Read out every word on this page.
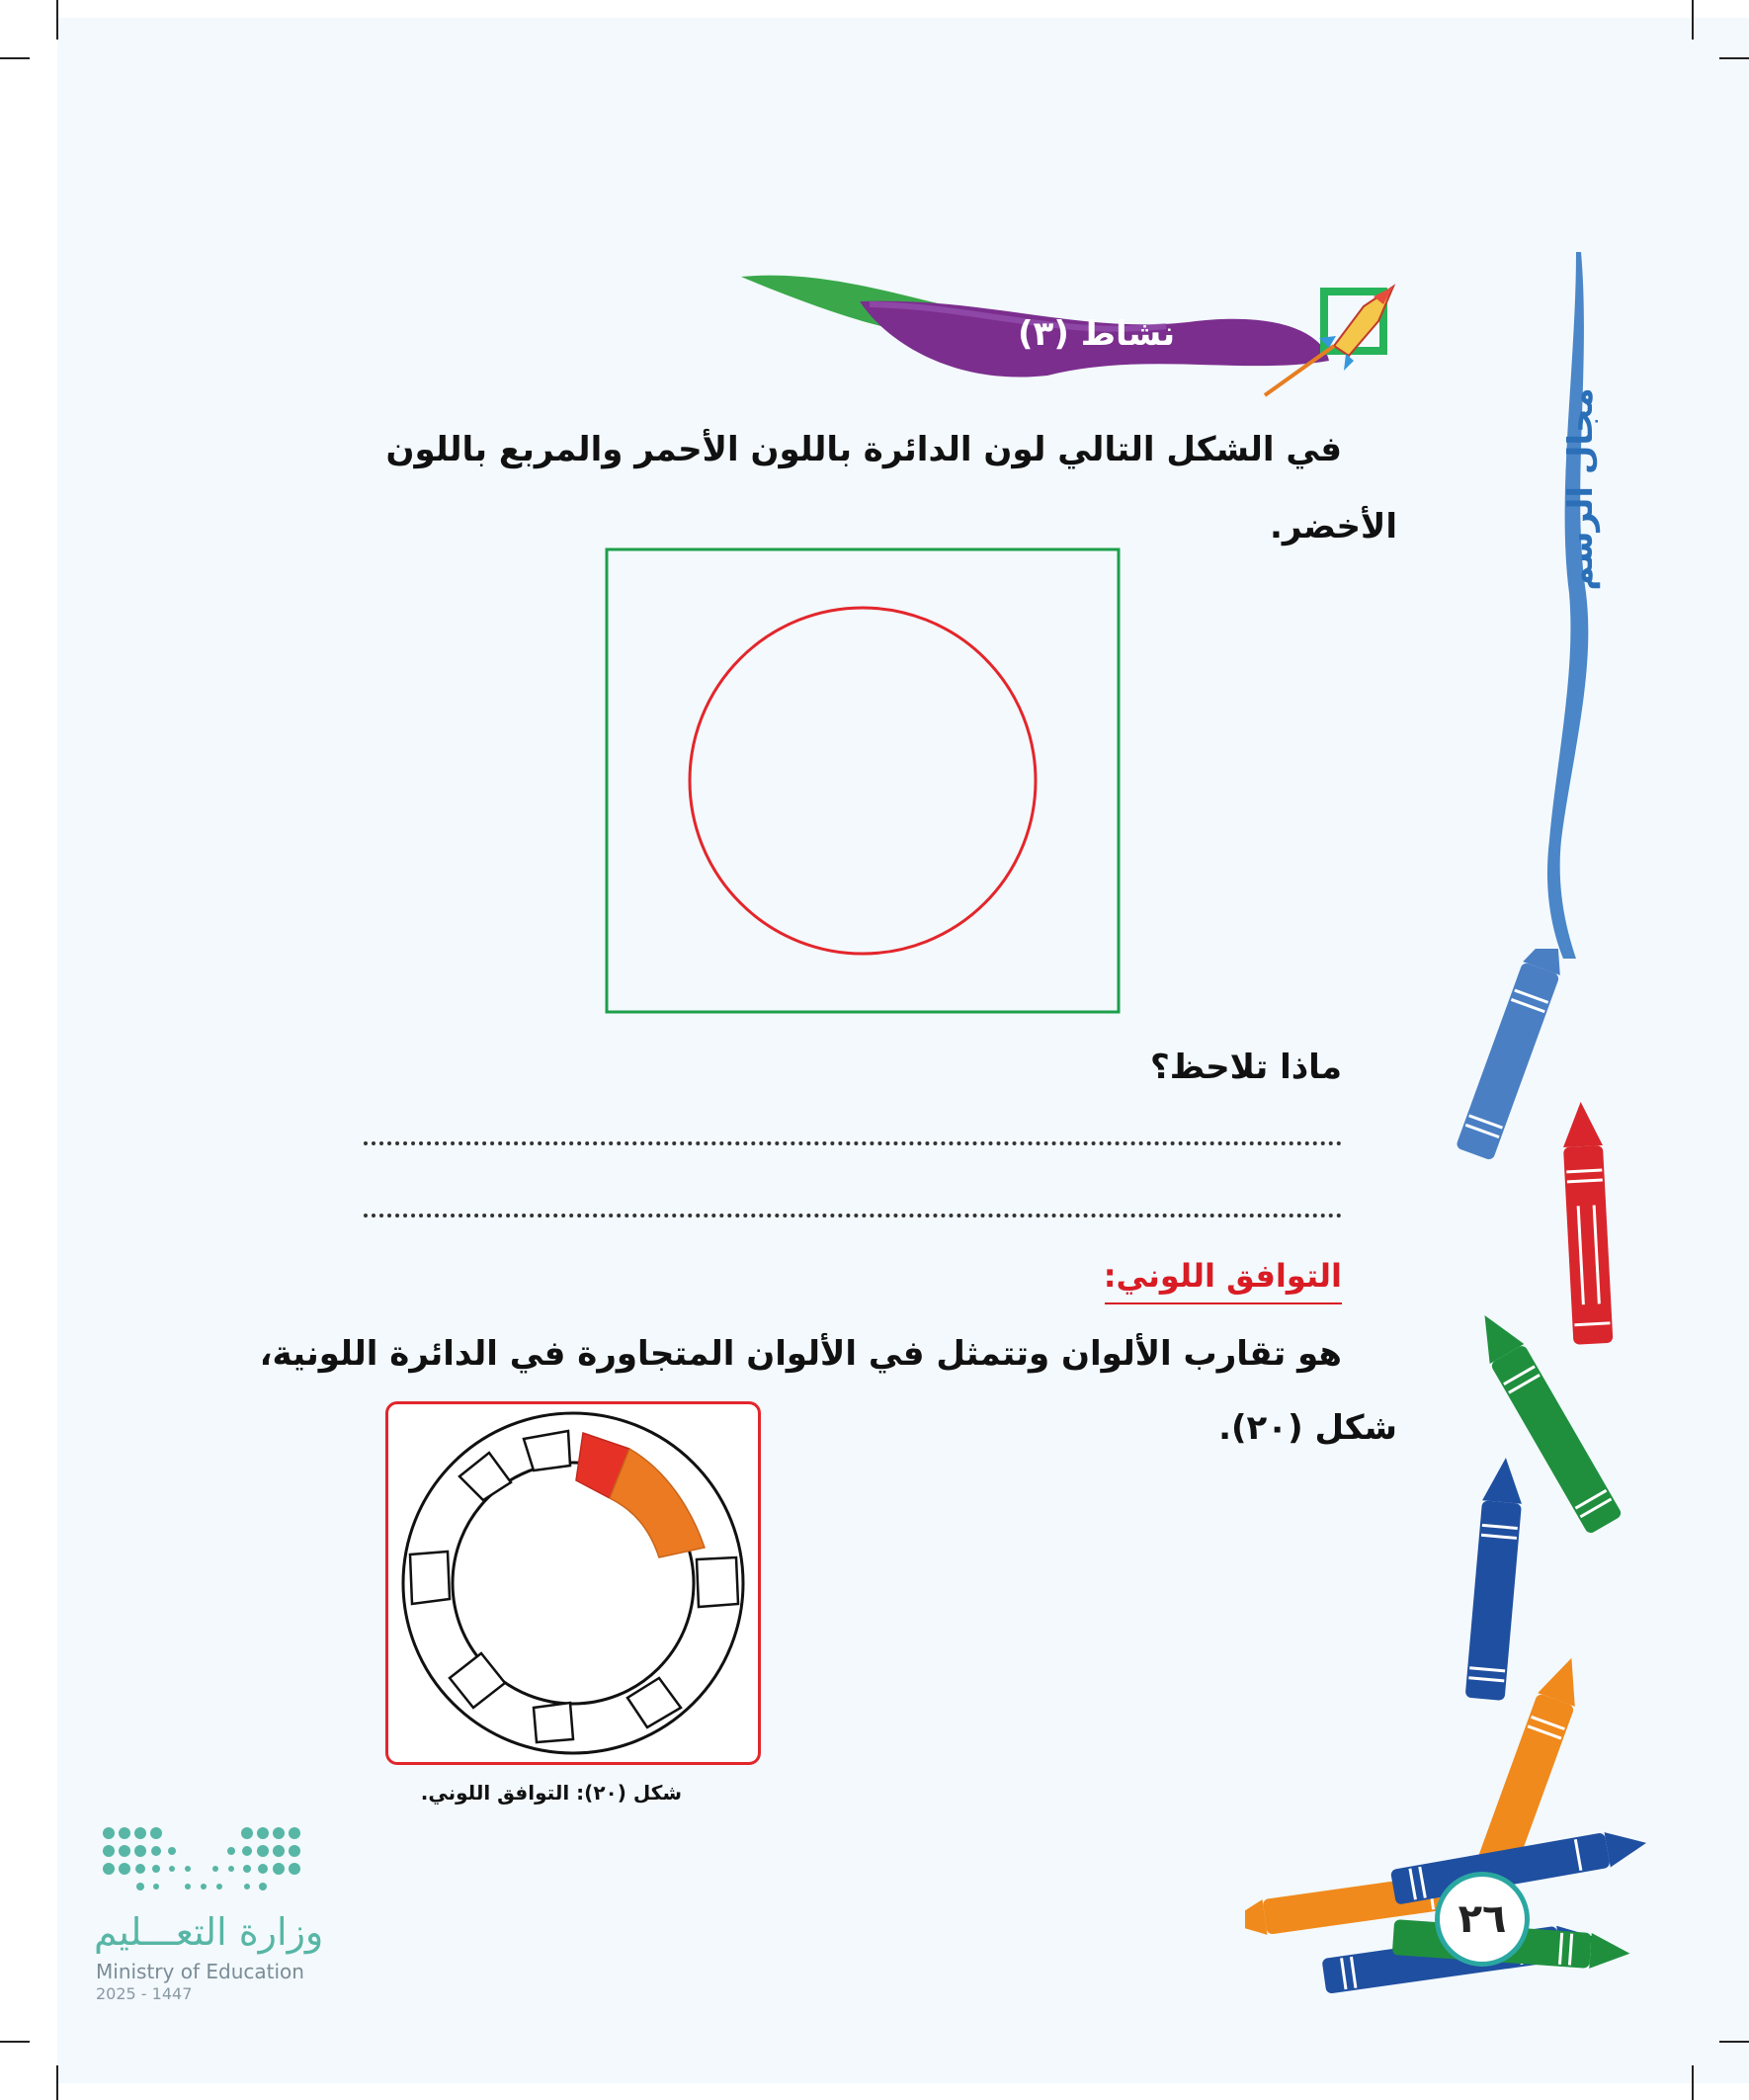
نشاط (٣)
مجال الرسم
في الشكل التالي لون الدائرة باللون الأحمر والمربع باللون
الأخضر.
ماذا تلاحظ؟
التوافق اللوني:
هو تقارب الألوان وتتمثل في الألوان المتجاورة في الدائرة اللونية،
شكل (٢٠).
شكل (٢٠): التوافق اللوني.
٢٦
وزارة التعـــليم
Ministry of Education
2025 - 1447
